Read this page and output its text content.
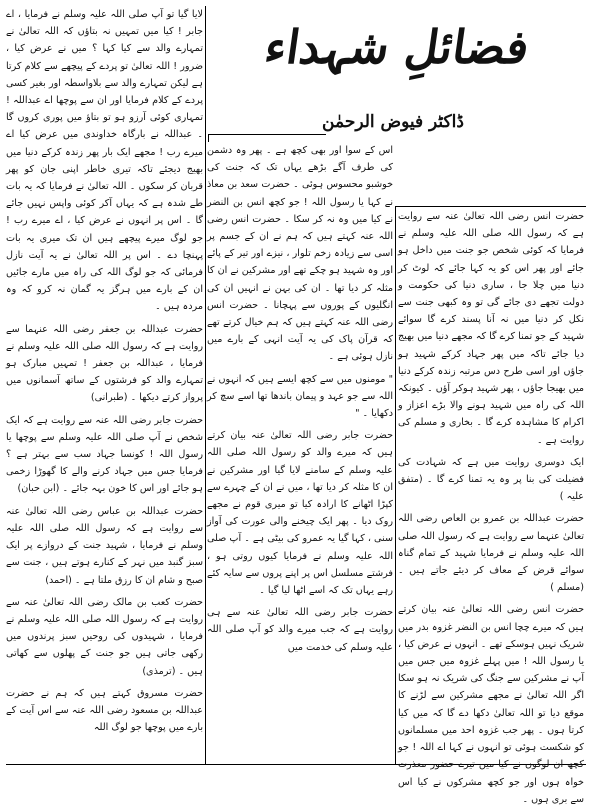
فضائلِ شہداء
ڈاکٹر فیوض الرحمٰن

حضرت انس رضی اللہ تعالیٰ عنہ سے روایت ہے کہ رسول اللہ صلی اللہ علیہ وسلم نے فرمایا کہ کوئی شخص جو جنت میں داخل ہو جائے اور پھر اس کو یہ کہا جائے کہ لوٹ کر دنیا میں چلا جا ، ساری دنیا کی حکومت و دولت تجھے دی جائے گی تو وہ کبھی جنت سے نکل کر دنیا میں نہ آنا پسند کرے گا سوائے شہید کے جو تمنا کرے گا کہ مجھے دنیا میں بھیج دیا جائے تاکہ میں پھر جہاد کرکے شہید ہو جاؤں اور اسی طرح دس مرتبہ زندہ کرکے دنیا میں بھیجا جاؤں ، پھر شہید ہوکر آؤں ۔ کیونکہ اللہ کی راہ میں شہید ہونے والا بڑے اعزاز و اکرام کا مشاہدہ کرے گا ۔ بخاری و مسلم کی روایت ہے ۔

ایک دوسری روایت میں ہے کہ شہادت کی فضیلت کی بنا پر وہ یہ تمنا کرے گا ۔ (متفق علیہ )

حضرت عبداللہ بن عمرو بن العاص رضی اللہ تعالیٰ عنہما سے روایت ہے کہ رسول اللہ صلی اللہ علیہ وسلم نے فرمایا شہید کے تمام گناہ سوائے قرض کے معاف کر دیئے جاتے ہیں ۔ (مسلم )

حضرت انس رضی اللہ تعالیٰ عنہ بیان کرتے ہیں کہ میرے چچا انس بن النضر غزوہ بدر میں شریک نہیں ہوسکے تھے ۔ انہوں نے عرض کیا ، یا رسول اللہ ! میں پہلے غزوہ میں جس میں آپ نے مشرکین سے جنگ کی شریک نہ ہو سکا اگر اللہ تعالیٰ نے مجھے مشرکین سے لڑنے کا موقع دیا تو اللہ تعالیٰ دکھا دے گا کہ میں کیا کرتا ہوں ۔ پھر جب غزوہ احد میں مسلمانوں کو شکست ہوئی تو انہوں نے کہا اے اللہ ! جو کچھ ان لوگوں نے کیا میں تیرے حضور معذرت خواہ ہوں اور جو کچھ مشرکوں نے کیا اس سے بری ہوں ۔

اس کے سوا اور بھی کچھ ہے ۔ پھر وہ دشمن کی طرف آگے بڑھے یہاں تک کہ جنت کی خوشبو محسوس ہوئی ۔ حضرت سعد بن معاذ نے کہا یا رسول اللہ ! جو کچھ انس بن النضر نے کیا میں وہ نہ کر سکا ۔ حضرت انس رضی اللہ عنہ کہتے ہیں کہ ہم نے ان کے جسم پر اسی سے زیادہ زخم تلوار ، نیزے اور تیر کے پائے اور وہ شہید ہو چکے تھے اور مشرکین نے ان کا مثلہ کر دیا تھا ۔ ان کی بہن نے انہیں ان کی انگلیوں کے پوروں سے پہچانا ۔ حضرت انس رضی اللہ عنہ کہتے ہیں کہ ہم خیال کرتے تھے کہ قرآن پاک کی یہ آیت انہی کے بارے میں نازل ہوئی ہے ۔

" مومنوں میں سے کچھ ایسے ہیں کہ انہوں نے اللہ سے جو عہد و پیمان باندھا تھا اسے سچ کر دکھایا ۔ "

حضرت جابر رضی اللہ تعالیٰ عنہ بیان کرتے ہیں کہ میرے والد کو رسول اللہ صلی اللہ علیہ وسلم کے سامنے لایا گیا اور مشرکین نے ان کا مثلہ کر دیا تھا ، میں نے ان کے چہرے سے کپڑا اٹھانے کا ارادہ کیا تو میری قوم نے مجھے روک دیا ۔ پھر ایک چیخنے والی عورت کی آواز سنی ، کہا گیا یہ عمرو کی بیٹی ہے ۔ آپ صلی اللہ علیہ وسلم نے فرمایا کیوں روتی ہو ، فرشتے مسلسل اس پر اپنے پروں سے سایہ کئے رہے یہاں تک کہ اسے اٹھا لیا گیا ۔

حضرت جابر رضی اللہ تعالیٰ عنہ سے ہی روایت ہے کہ جب میرے والد کو آپ صلی اللہ علیہ وسلم کی خدمت میں

لایا گیا تو آپ صلی اللہ علیہ وسلم نے فرمایا ، اے جابر ! کیا میں تمہیں نہ بتاؤں کہ اللہ تعالیٰ نے تمہارے والد سے کیا کہا ؟ میں نے عرض کیا ، ضرور ! اللہ تعالیٰ تو پردے کے پیچھے سے کلام کرتا ہے لیکن تمہارے والد سے بلاواسطہ اور بغیر کسی پردے کے کلام فرمایا اور ان سے پوچھا اے عبداللہ ! تمہاری کوئی آرزو ہو تو بتاؤ میں پوری کروں گا ۔ عبداللہ نے بارگاہ خداوندی میں عرض کیا اے میرے رب ! مجھے ایک بار پھر زندہ کرکے دنیا میں بھیج دیجئے تاکہ تیری خاطر اپنی جان کو پھر قربان کر سکوں ۔ اللہ تعالیٰ نے فرمایا کہ یہ بات طے شدہ ہے کہ یہاں آکر کوئی واپس نہیں جائے گا ۔ اس پر انہوں نے عرض کیا ، اے میرے رب ! جو لوگ میرے پیچھے ہیں ان تک میری یہ بات پہنچا دے ۔ اس پر اللہ تعالیٰ نے یہ آیت نازل فرمائی کہ جو لوگ اللہ کی راہ میں مارے جائیں ان کے بارے میں ہرگز یہ گمان نہ کرو کہ وہ مردہ ہیں ۔

حضرت عبداللہ بن جعفر رضی اللہ عنہما سے روایت ہے کہ رسول اللہ صلی اللہ علیہ وسلم نے فرمایا ، عبداللہ بن جعفر ! تمہیں مبارک ہو تمہارے والد کو فرشتوں کے ساتھ آسمانوں میں پرواز کرتے دیکھا ۔ (طبرانی)

حضرت جابر رضی اللہ عنہ سے روایت ہے کہ ایک شخص نے آپ صلی اللہ علیہ وسلم سے پوچھا یا رسول اللہ ! کونسا جہاد سب سے بہتر ہے ؟ فرمایا جس میں جہاد کرنے والے کا گھوڑا زخمی ہو جائے اور اس کا خون بہہ جائے ۔ (ابن حبان)

حضرت عبداللہ بن عباس رضی اللہ تعالیٰ عنہ سے روایت ہے کہ رسول اللہ صلی اللہ علیہ وسلم نے فرمایا ، شہید جنت کے دروازے پر ایک سبز گنبد میں نہر کے کنارے ہوتے ہیں ، جنت سے صبح و شام ان کا رزق ملتا ہے ۔ (احمد)

حضرت کعب بن مالک رضی اللہ تعالیٰ عنہ سے روایت ہے کہ رسول اللہ صلی اللہ علیہ وسلم نے فرمایا ، شہیدوں کی روحیں سبز پرندوں میں رکھی جاتی ہیں جو جنت کے پھلوں سے کھاتی ہیں ۔ (ترمذی)

حضرت مسروق کہتے ہیں کہ ہم نے حضرت عبداللہ بن مسعود رضی اللہ عنہ سے اس آیت کے بارے میں پوچھا جو لوگ اللہ
